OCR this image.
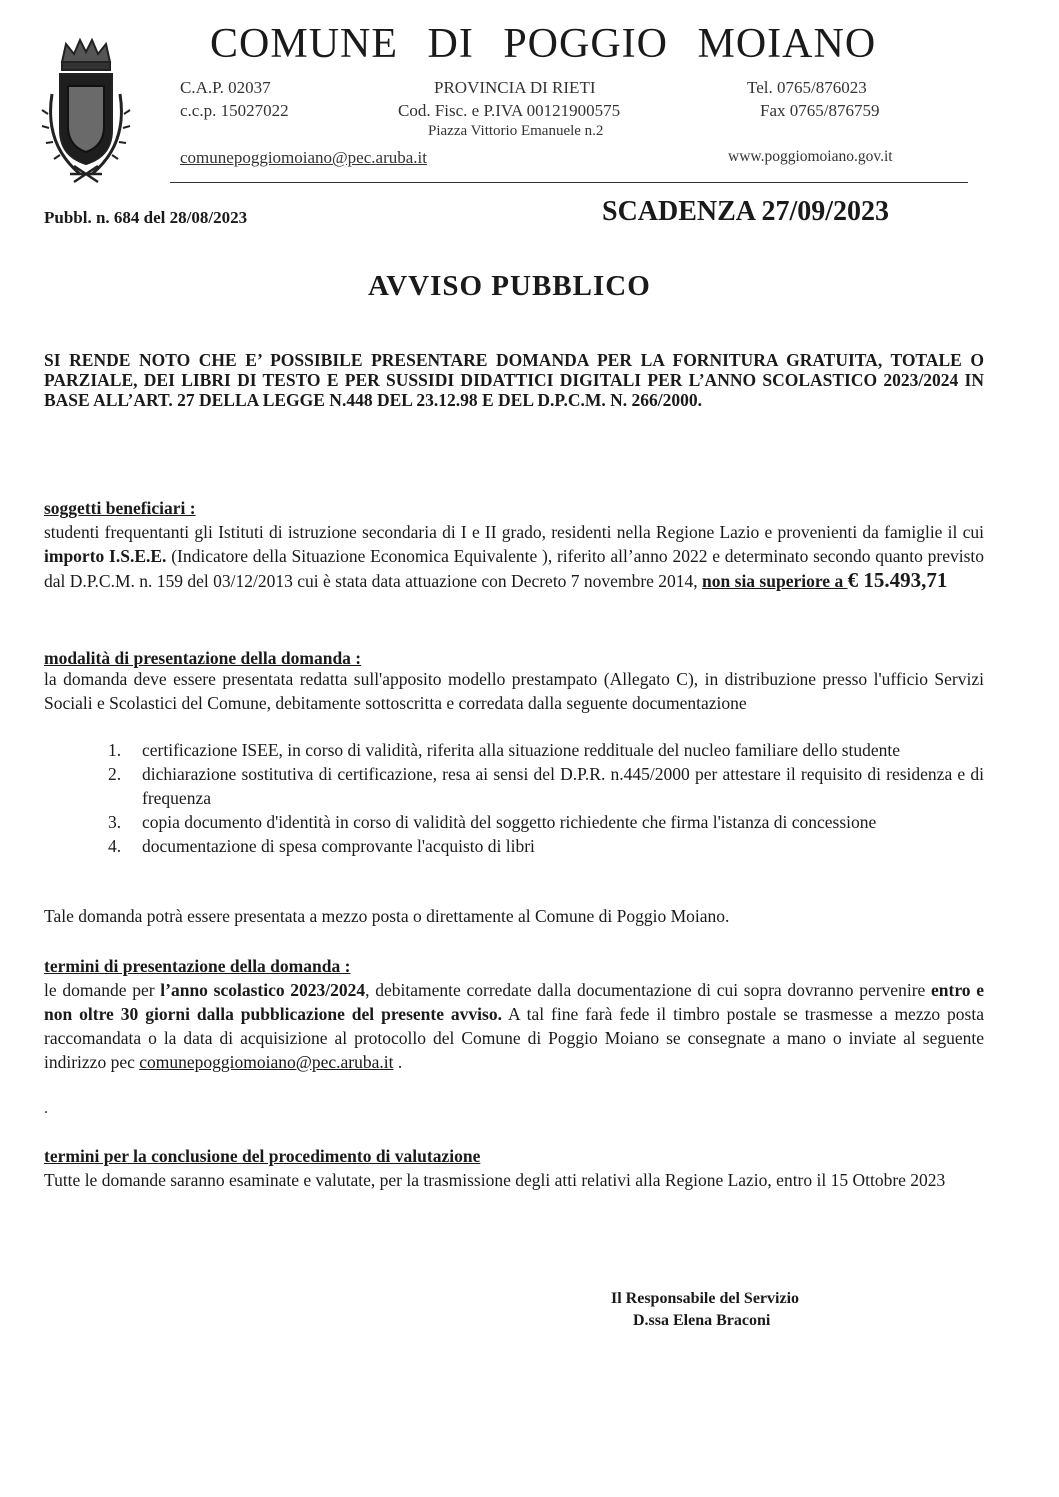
COMUNE DI POGGIO MOIANO
C.A.P. 02037
c.c.p. 15027022
PROVINCIA DI RIETI
Cod. Fisc. e P.IVA 00121900575
Piazza Vittorio Emanuele n.2
Tel. 0765/876023
Fax 0765/876759
comunepoggiomoiano@pec.aruba.it	www.poggiomoiano.gov.it
Pubbl. n. 684 del 28/08/2023	SCADENZA 27/09/2023
AVVISO PUBBLICO
SI RENDE NOTO CHE E’ POSSIBILE PRESENTARE DOMANDA PER LA FORNITURA GRATUITA, TOTALE O PARZIALE, DEI LIBRI DI TESTO E PER SUSSIDI DIDATTICI DIGITALI PER L’ANNO SCOLASTICO 2023/2024 IN BASE ALL’ART. 27 DELLA LEGGE N.448 DEL 23.12.98 E DEL D.P.C.M. N. 266/2000.
soggetti beneficiari :
studenti frequentanti gli Istituti di istruzione secondaria di I e II grado, residenti nella Regione Lazio e provenienti da famiglie il cui importo I.S.E.E. (Indicatore della Situazione Economica Equivalente ), riferito all’anno 2022 e determinato secondo quanto previsto dal D.P.C.M. n. 159 del 03/12/2013 cui è stata data attuazione con Decreto 7 novembre 2014, non sia superiore a € 15.493,71
modalità di presentazione della domanda :
la domanda deve essere presentata redatta sull'apposito modello prestampato (Allegato C), in distribuzione presso l'ufficio Servizi Sociali e Scolastici del Comune, debitamente sottoscritta e corredata dalla seguente documentazione
1. certificazione ISEE, in corso di validità, riferita alla situazione reddituale del nucleo familiare dello studente
2. dichiarazione sostitutiva di certificazione, resa ai sensi del D.P.R. n.445/2000 per attestare il requisito di residenza e di frequenza
3. copia documento d'identità in corso di validità del soggetto richiedente che firma l'istanza di concessione
4. documentazione di spesa comprovante l'acquisto di libri
Tale domanda potrà essere presentata a mezzo posta o direttamente al Comune di Poggio Moiano.
termini di presentazione della domanda :
le domande per l’anno scolastico 2023/2024, debitamente corredate dalla documentazione di cui sopra dovranno pervenire entro e non oltre 30 giorni dalla pubblicazione del presente avviso. A tal fine farà fede il timbro postale se trasmesse a mezzo posta raccomandata o la data di acquisizione al protocollo del Comune di Poggio Moiano se consegnate a mano o inviate al seguente indirizzo pec comunepoggiomoiano@pec.aruba.it .
.
termini per la conclusione del procedimento di valutazione
Tutte le domande saranno esaminate e valutate, per la trasmissione degli atti relativi alla Regione Lazio, entro il 15 Ottobre 2023
Il Responsabile del Servizio
D.ssa Elena Braconi
